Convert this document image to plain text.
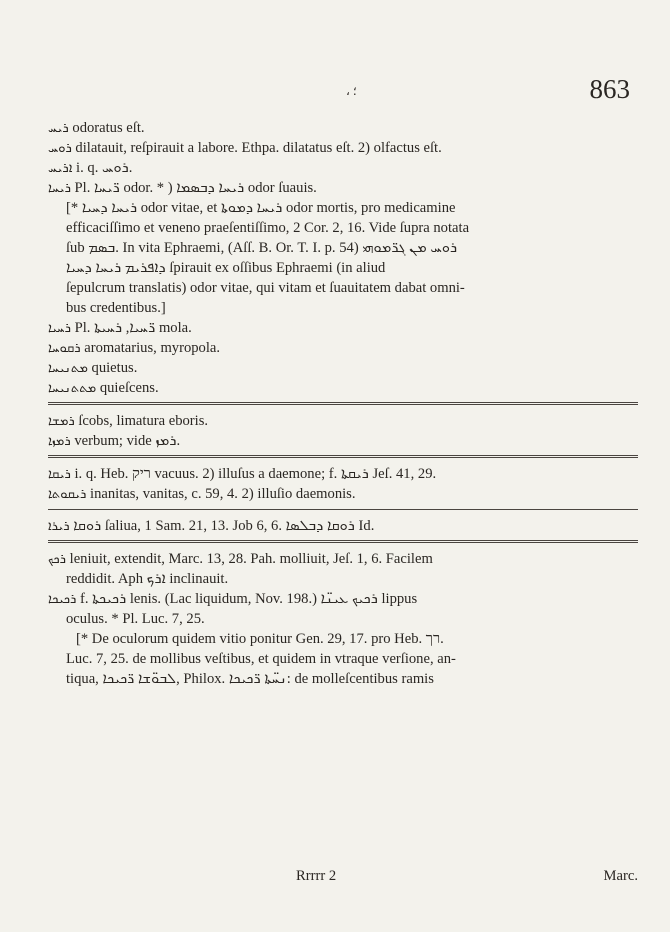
، ؛	863
ܪܝܚ odoratus eſt.
ܪܘܚ dilatauit, reſpirauit a labore. Ethpa. dilatatus eſt. 2) olfactus eſt.
ܐܪܝܚ i. q. ܪܘܚ.
ܪܝܚܐ Pl. ܪ̈ܝܚܐ odor. * ) ܪܝܚܐ ܕܒܣܡܐ odor ſuauis.
[* ܪܝܚܐ ܕܚܝܐ odor vitae, et ܪܝܚܐ ܕܡܘܬܐ odor mortis, pro medicamine
efficaciſſimo et veneno praeſentiſſimo, 2 Cor. 2, 16. Vide ſupra notata
ſub ܒܣܡ. In vita Ephraemi, (Aſſ. B. Or. T. I. p. 54) ܪܘܚ ܡܢ ܓܪ̈ܡܘܗܝ
ܕܐܦܪܝܡ ܪܝܚܐ ܕܚܝܐ ſpirauit ex oſſibus Ephraemi (in aliud
ſepulcrum translatis) odor vitae, qui vitam et ſuauitatem dabat omni-
bus credentibus.]
ܪܚܝܐ Pl. ܪ̈ܚܝܐ, ܪܚܝܬܐ mola.
ܪܩܘܚܐ aromatarius, myropola.
ܡܬܢܝܚܐ quietus.
ܡܬܬܢܝܚܐ quieſcens.
ܪܡܫܐ ſcobs, limatura eboris.
ܪܡܙܐ verbum; vide ܪܡܙ.
ܪܝܩܐ i. q. Heb. ריק vacuus. 2) illuſus a daemone; f. ܪܝܩܬܐ Jeſ. 41, 29.
ܪܝܩܘܬܐ inanitas, vanitas, c. 59, 4. 2) illuſio daemonis.
ܪܝܪܐ ܪܘܩܐ ſaliua, 1 Sam. 21, 13. Job 6, 6. ܪܘܩܐ ܕܒܠܣܐ Id.
ܪܟܟ leniuit, extendit, Marc. 13, 28. Pah. molliuit, Jeſ. 1, 6. Facilem
reddidit. Aph ܐܪܟ inclinauit.
ܪܟܝܟܐ f. ܪܟܝܟܬܐ lenis. (Lac liquidum, Nov. 198.) ܪܟܝܟ ܥܝܢ̈ܐ lippus
oculus. * Pl. Luc. 7, 25.
[* De oculorum quidem vitio ponitur Gen. 29, 17. pro Heb. רך.
Luc. 7, 25. de mollibus veſtibus, et quidem in vtraque verſione, an-
tiqua, ܠܒܘ̈ܫܐ ܪ̈ܟܝܟܐ, Philox. ܢܚ̈ܬܐ ܪ̈ܟܝܟܐ: de molleſcentibus ramis
Rrrrr 2	Marc.
